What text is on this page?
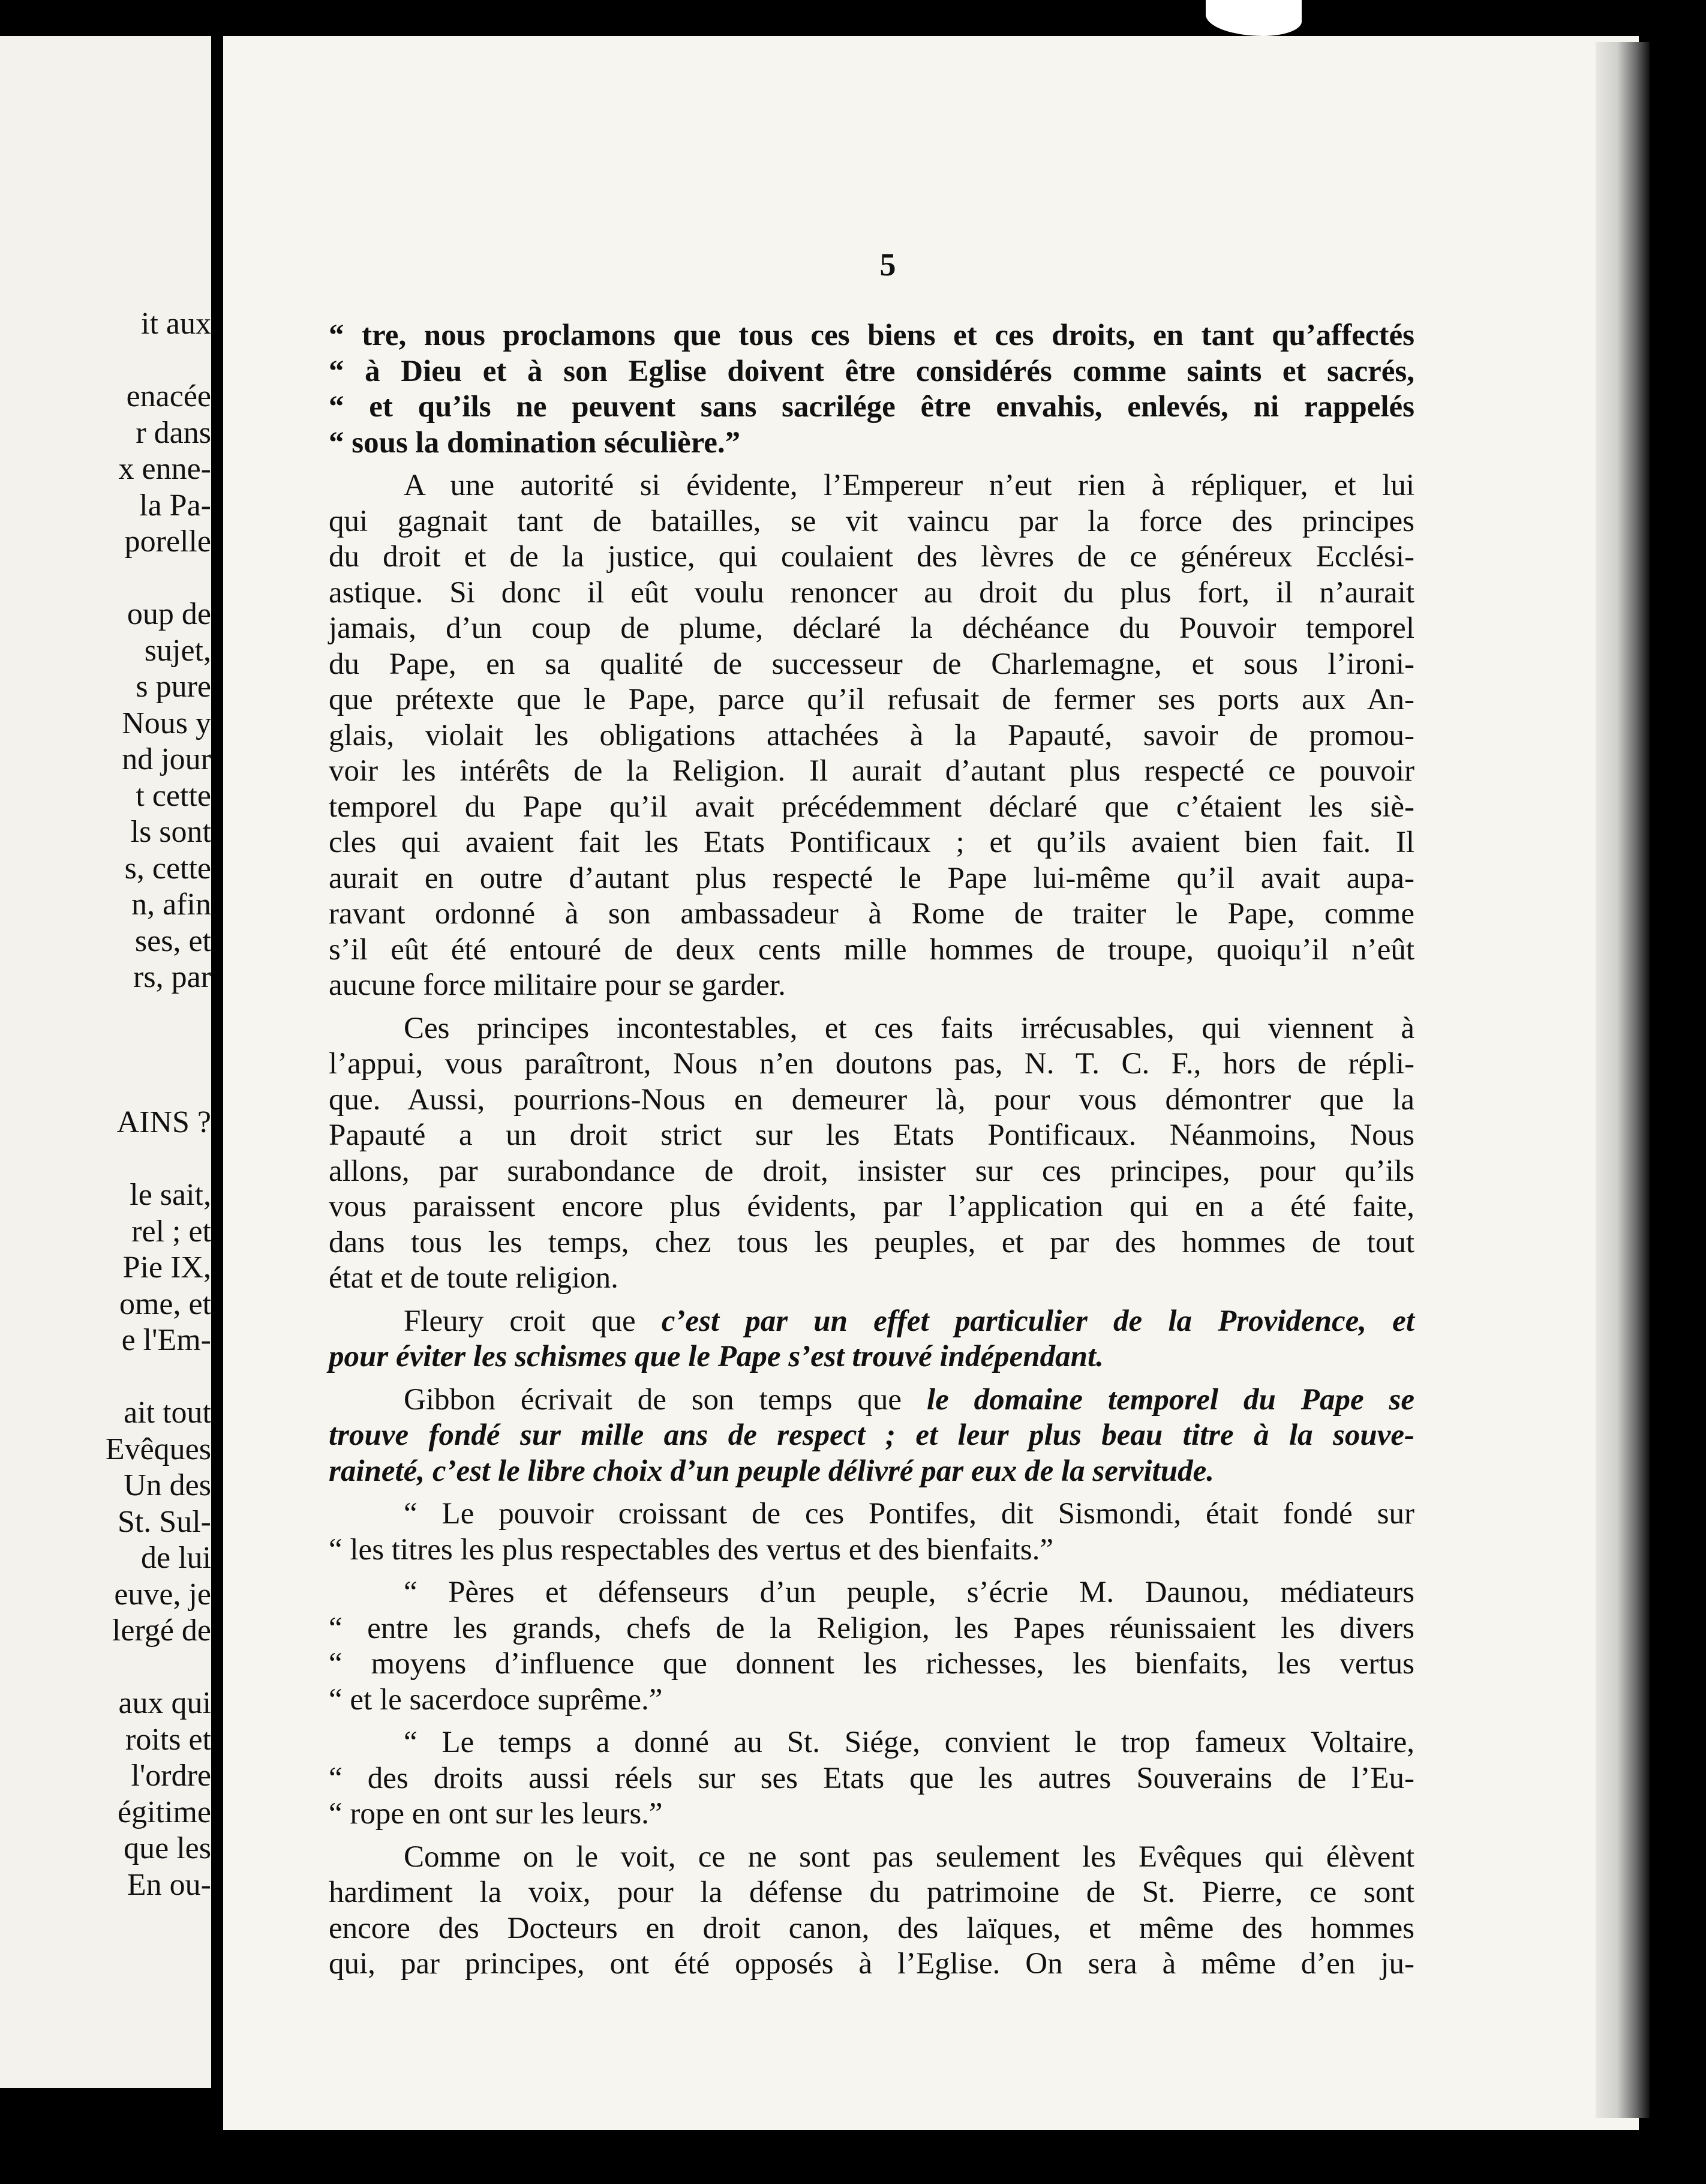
it aux
enacée
r dans
x enne-
la Pa-
porelle
oup de
sujet,
s pure
Nous y
nd jour
t cette
ls sont
s, cette
n, afin
ses, et
rs, par
AINS ?
le sait,
rel ; et
Pie IX,
ome, et
e l'Em-
ait tout
Evêques
Un des
St. Sul-
de lui
euve, je
lergé de
aux qui
roits et
l'ordre
égitime
que les
En ou-
5
“ tre, nous proclamons que tous ces biens et ces droits, en tant qu’affectés
“ à Dieu et à son Eglise doivent être considérés comme saints et sacrés,
“ et qu’ils ne peuvent sans sacrilége être envahis, enlevés, ni rappelés
“ sous la domination séculière.”
A une autorité si évidente, l’Empereur n’eut rien à répliquer, et lui
qui gagnait tant de batailles, se vit vaincu par la force des principes
du droit et de la justice, qui coulaient des lèvres de ce généreux Ecclési-
astique. Si donc il eût voulu renoncer au droit du plus fort, il n’aurait
jamais, d’un coup de plume, déclaré la déchéance du Pouvoir temporel
du Pape, en sa qualité de successeur de Charlemagne, et sous l’ironi-
que prétexte que le Pape, parce qu’il refusait de fermer ses ports aux An-
glais, violait les obligations attachées à la Papauté, savoir de promou-
voir les intérêts de la Religion. Il aurait d’autant plus respecté ce pouvoir
temporel du Pape qu’il avait précédemment déclaré que c’étaient les siè-
cles qui avaient fait les Etats Pontificaux ; et qu’ils avaient bien fait. Il
aurait en outre d’autant plus respecté le Pape lui-même qu’il avait aupa-
ravant ordonné à son ambassadeur à Rome de traiter le Pape, comme
s’il eût été entouré de deux cents mille hommes de troupe, quoiqu’il n’eût
aucune force militaire pour se garder.
Ces principes incontestables, et ces faits irrécusables, qui viennent à
l’appui, vous paraîtront, Nous n’en doutons pas, N. T. C. F., hors de répli-
que. Aussi, pourrions-Nous en demeurer là, pour vous démontrer que la
Papauté a un droit strict sur les Etats Pontificaux. Néanmoins, Nous
allons, par surabondance de droit, insister sur ces principes, pour qu’ils
vous paraissent encore plus évidents, par l’application qui en a été faite,
dans tous les temps, chez tous les peuples, et par des hommes de tout
état et de toute religion.
Fleury croit que c’est par un effet particulier de la Providence, et
pour éviter les schismes que le Pape s’est trouvé indépendant.
Gibbon écrivait de son temps que le domaine temporel du Pape se
trouve fondé sur mille ans de respect ; et leur plus beau titre à la souve-
raineté, c’est le libre choix d’un peuple délivré par eux de la servitude.
“ Le pouvoir croissant de ces Pontifes, dit Sismondi, était fondé sur
“ les titres les plus respectables des vertus et des bienfaits.”
“ Pères et défenseurs d’un peuple, s’écrie M. Daunou, médiateurs
“ entre les grands, chefs de la Religion, les Papes réunissaient les divers
“ moyens d’influence que donnent les richesses, les bienfaits, les vertus
“ et le sacerdoce suprême.”
“ Le temps a donné au St. Siége, convient le trop fameux Voltaire,
“ des droits aussi réels sur ses Etats que les autres Souverains de l’Eu-
“ rope en ont sur les leurs.”
Comme on le voit, ce ne sont pas seulement les Evêques qui élèvent
hardiment la voix, pour la défense du patrimoine de St. Pierre, ce sont
encore des Docteurs en droit canon, des laïques, et même des hommes
qui, par principes, ont été opposés à l’Eglise. On sera à même d’en ju-
